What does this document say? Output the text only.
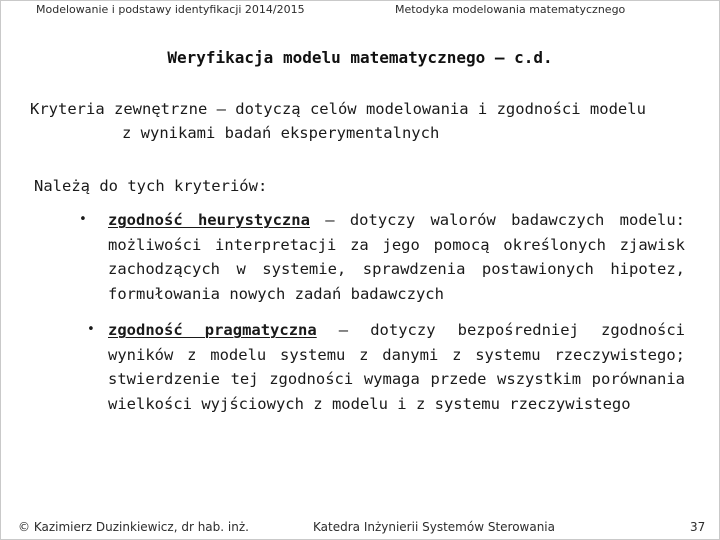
Modelowanie i podstawy identyfikacji 2014/2015	Metodyka modelowania matematycznego
Weryfikacja modelu matematycznego – c.d.
Kryteria zewnętrzne – dotyczą celów modelowania i zgodności modelu
z wynikami badań eksperymentalnych
Należą do tych kryteriów:
• zgodność heurystyczna – dotyczy walorów badawczych modelu: możliwości interpretacji za jego pomocą określonych zjawisk zachodzących w systemie, sprawdzenia postawionych hipotez, formułowania nowych zadań badawczych
• zgodność pragmatyczna – dotyczy bezpośredniej zgodności wyników z modelu systemu z danymi z systemu rzeczywistego; stwierdzenie tej zgodności wymaga przede wszystkim porównania wielkości wyjściowych z modelu i z systemu rzeczywistego
© Kazimierz Duzinkiewicz, dr hab. inż.	Katedra Inżynierii Systemów Sterowania	37
